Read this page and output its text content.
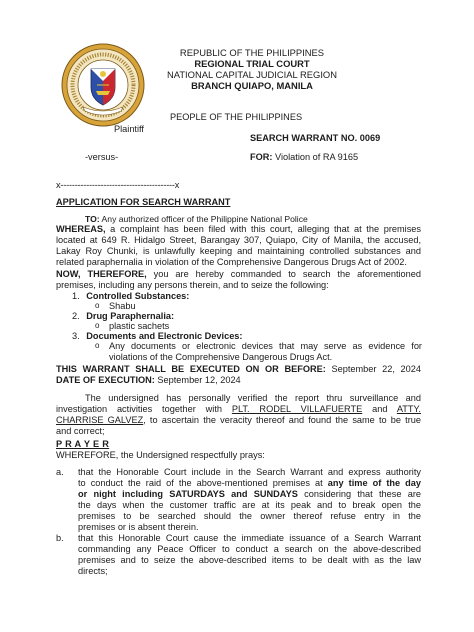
REPUBLIC OF THE PHILIPPINES
REGIONAL TRIAL COURT
NATIONAL CAPITAL JUDICIAL REGION
BRANCH QUIAPO, MANILA
PEOPLE OF THE PHILIPPINES
Plaintiff
SEARCH WARRANT NO. 0069
-versus-	FOR: Violation of RA 9165
x----------------------------------------x
APPLICATION FOR SEARCH WARRANT
TO: Any authorized officer of the Philippine National Police
WHEREAS, a complaint has been filed with this court, alleging that at the premises
located at 649 R. Hidalgo Street, Barangay 307, Quiapo, City of Manila, the accused,
Lakay Roy Chunki, is unlawfully keeping and maintaining controlled substances and
related paraphernalia in violation of the Comprehensive Dangerous Drugs Act of 2002.
NOW, THEREFORE, you are hereby commanded to search the aforementioned
premises, including any persons therein, and to seize the following:
1. Controlled Substances:
o Shabu
2. Drug Paraphernalia:
o plastic sachets
3. Documents and Electronic Devices:
o Any documents or electronic devices that may serve as evidence for
violations of the Comprehensive Dangerous Drugs Act.
THIS WARRANT SHALL BE EXECUTED ON OR BEFORE: September 22, 2024
DATE OF EXECUTION: September 12, 2024
The undersigned has personally verified the report thru surveillance and
investigation activities together with PLT. RODEL VILLAFUERTE and ATTY.
CHARRISE GALVEZ, to ascertain the veracity thereof and found the same to be true
and correct;
P R A Y E R
WHEREFORE, the Undersigned respectfully prays:
a. that the Honorable Court include in the Search Warrant and express authority
to conduct the raid of the above-mentioned premises at any time of the day
or night including SATURDAYS and SUNDAYS considering that these are
the days when the customer traffic are at its peak and to break open the
premises to be searched should the owner thereof refuse entry in the
premises or is absent therein.
b. that this Honorable Court cause the immediate issuance of a Search Warrant
commanding any Peace Officer to conduct a search on the above-described
premises and to seize the above-described items to be dealt with as the law
directs;
